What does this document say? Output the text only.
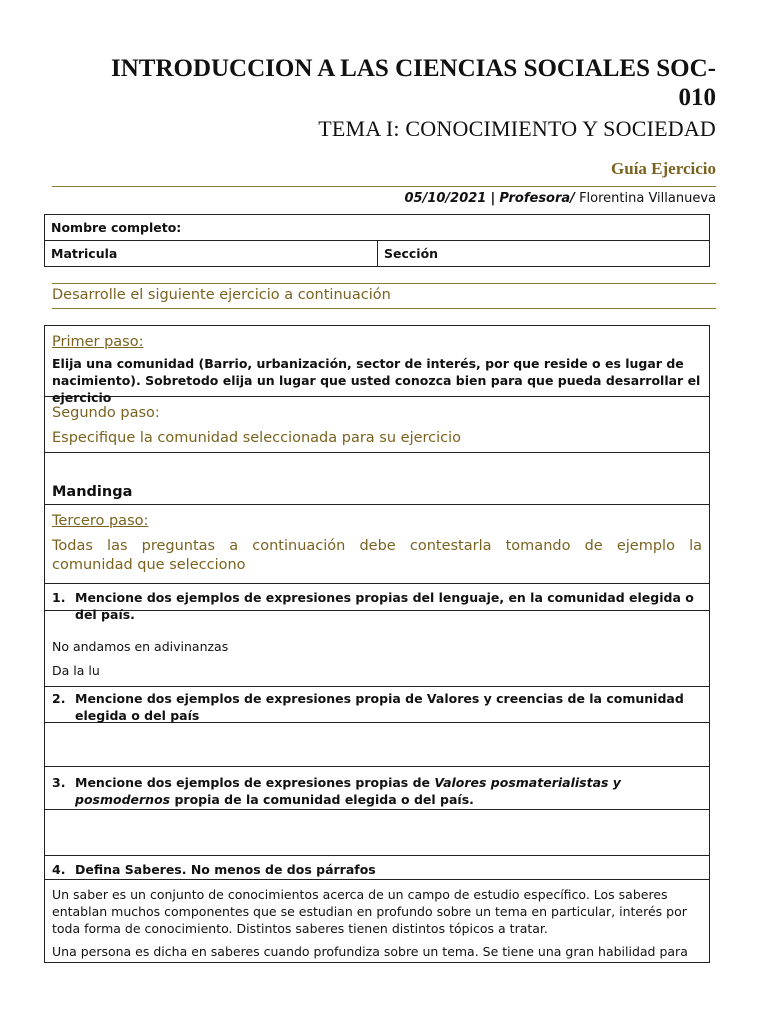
INTRODUCCION A LAS CIENCIAS SOCIALES SOC-010
TEMA I: CONOCIMIENTO Y SOCIEDAD
Guía Ejercicio
05/10/2021 | Profesora/ Florentina Villanueva
Nombre completo:
Matricula	Sección
Desarrolle el siguiente ejercicio a continuación
Primer paso:
Elija una comunidad (Barrio, urbanización, sector de interés, por que reside o es lugar de nacimiento). Sobretodo elija un lugar que usted conozca bien para que pueda desarrollar el ejercicio
Segundo paso:
Especifique la comunidad seleccionada para su ejercicio
Mandinga
Tercero paso:
Todas las preguntas a continuación debe contestarla tomando de ejemplo la
comunidad que selecciono
1. Mencione dos ejemplos de expresiones propias del lenguaje, en la comunidad elegida o del país.
No andamos en adivinanzas
Da la lu
2. Mencione dos ejemplos de expresiones propia de Valores y creencias de la comunidad elegida o del país
3. Mencione dos ejemplos de expresiones propias de Valores posmaterialistas y posmodernos propia de la comunidad elegida o del país.
4. Defina Saberes. No menos de dos párrafos
Un saber es un conjunto de conocimientos acerca de un campo de estudio específico. Los saberes entablan muchos componentes que se estudian en profundo sobre un tema en particular, interés por toda forma de conocimiento. Distintos saberes tienen distintos tópicos a tratar.
Una persona es dicha en saberes cuando profundiza sobre un tema. Se tiene una gran habilidad para
